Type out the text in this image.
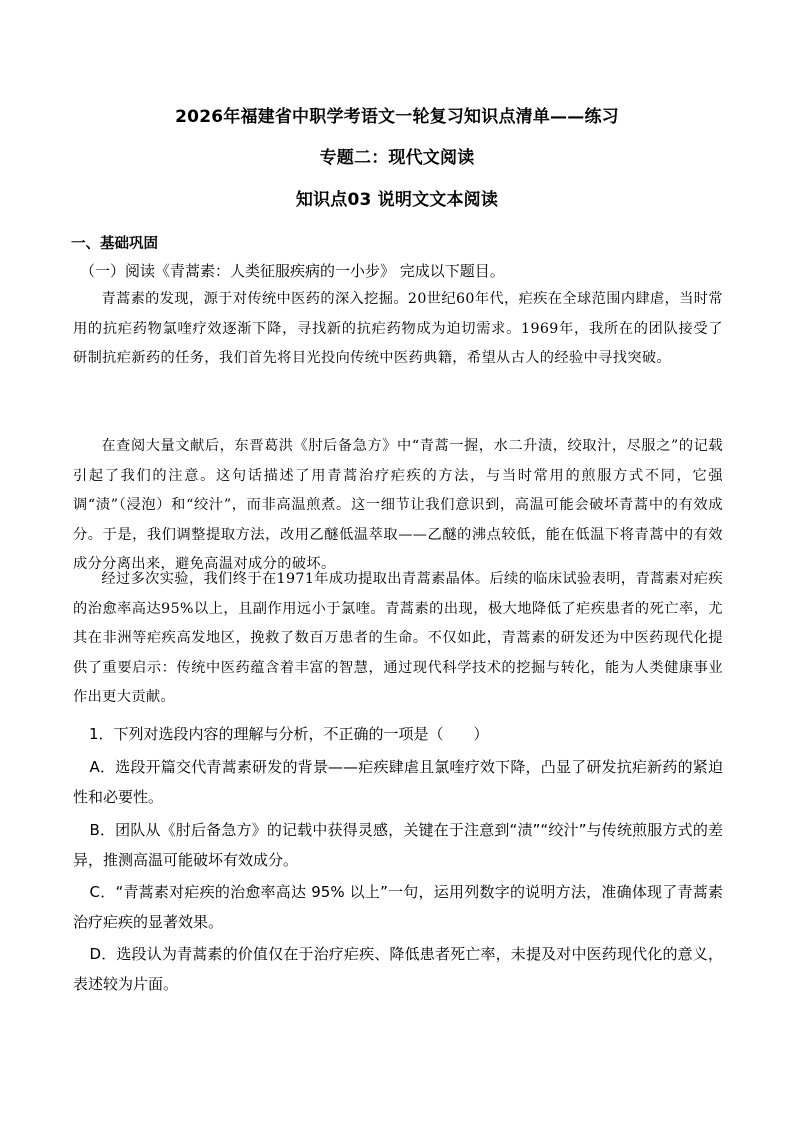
2026年福建省中职学考语文一轮复习知识点清单——练习
专题二：现代文阅读
知识点03 说明文文本阅读
一、基础巩固
（一）阅读《青蒿素：人类征服疾病的一小步》 完成以下题目。

青蒿素的发现，源于对传统中医药的深入挖掘。20世纪60年代，疟疾在全球范围内肆虐，当时常用的抗疟药物氯喹疗效逐渐下降，寻找新的抗疟药物成为迫切需求。1969年，我所在的团队接受了研制抗疟新药的任务，我们首先将目光投向传统中医药典籍，希望从古人的经验中寻找突破。

在查阅大量文献后，东晋葛洪《肘后备急方》中“青蒿一握，水二升渍，绞取汁，尽服之”的记载引起了我们的注意。这句话描述了用青蒿治疗疟疾的方法，与当时常用的煎服方式不同，它强调“渍”（浸泡）和“绞汁”，而非高温煎煮。这一细节让我们意识到，高温可能会破坏青蒿中的有效成分。于是，我们调整提取方法，改用乙醚低温萃取——乙醚的沸点较低，能在低温下将青蒿中的有效成分分离出来，避免高温对成分的破坏。

经过多次实验，我们终于在1971年成功提取出青蒿素晶体。后续的临床试验表明，青蒿素对疟疾的治愈率高达95%以上，且副作用远小于氯喹。青蒿素的出现，极大地降低了疟疾患者的死亡率，尤其在非洲等疟疾高发地区，挽救了数百万患者的生命。不仅如此，青蒿素的研发还为中医药现代化提供了重要启示：传统中医药蕴含着丰富的智慧，通过现代科学技术的挖掘与转化，能为人类健康事业作出更大贡献。

1．下列对选段内容的理解与分析，不正确的一项是（　　）

A．选段开篇交代青蒿素研发的背景——疟疾肆虐且氯喹疗效下降，凸显了研发抗疟新药的紧迫性和必要性。

B．团队从《肘后备急方》的记载中获得灵感，关键在于注意到“渍”“绞汁”与传统煎服方式的差异，推测高温可能破坏有效成分。

C．“青蒿素对疟疾的治愈率高达 95% 以上”一句，运用列数字的说明方法，准确体现了青蒿素治疗疟疾的显著效果。

D．选段认为青蒿素的价值仅在于治疗疟疾、降低患者死亡率，未提及对中医药现代化的意义，表述较为片面。
